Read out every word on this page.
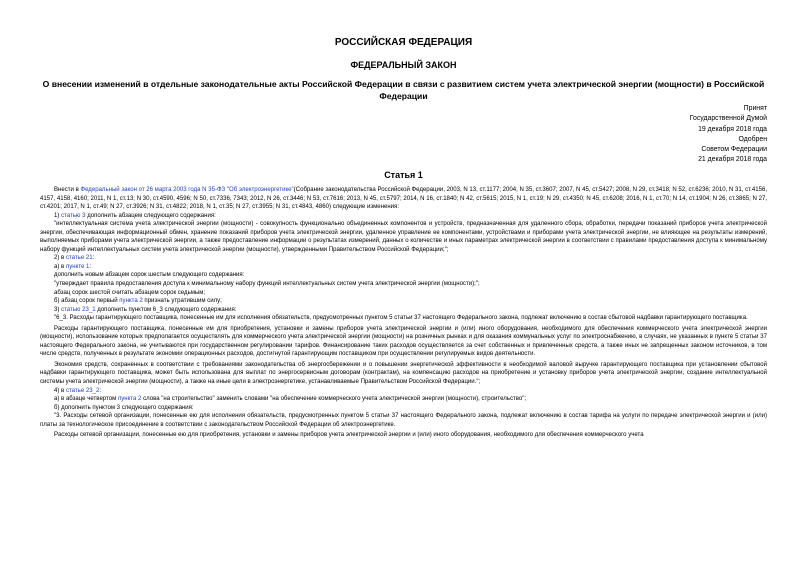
РОССИЙСКАЯ ФЕДЕРАЦИЯ
ФЕДЕРАЛЬНЫЙ ЗАКОН
О внесении изменений в отдельные законодательные акты Российской Федерации в связи с развитием систем учета электрической энергии (мощности) в Российской Федерации
Принят
Государственной Думой
19 декабря 2018 года
Одобрен
Советом Федерации
21 декабря 2018 года
Статья 1

Внести в Федеральный закон от 26 марта 2003 года N 35-ФЗ "Об электроэнергетике"(Собрание законодательства Российской Федерации, 2003, N 13, ст.1177; 2004, N 35, ст.3607; 2007, N 45, ст.5427; 2008, N 29, ст.3418; N 52, ст.6236; 2010, N 31, ст.4156, 4157, 4158, 4160; 2011, N 1, ст.13; N 30, ст.4590, 4596; N 50, ст.7336, 7343; 2012, N 26, ст.3446; N 53, ст.7616; 2013, N 45, ст.5797; 2014, N 16, ст.1840; N 42, ст.5615; 2015, N 1, ст.19; N 29, ст.4350; N 45, ст.6208; 2016, N 1, ст.70; N 14, ст.1904; N 26, ст.3865; N 27, ст.4201; 2017, N 1, ст.49; N 27, ст.3926; N 31, ст.4822; 2018, N 1, ст.35; N 27, ст.3955; N 31, ст.4843, 4860) следующие изменения:

1) статью 3 дополнить абзацем следующего содержания:

"интеллектуальная система учета электрической энергии (мощности) - совокупность функционально объединенных компонентов и устройств, предназначенная для удаленного сбора, обработки, передачи показаний приборов учета электрической энергии, обеспечивающая информационный обмен, хранение показаний приборов учета электрической энергии, удаленное управление ее компонентами, устройствами и приборами учета электрической энергии, не влияющее на результаты измерений, выполняемых приборами учета электрической энергии, а также предоставление информации о результатах измерений, данных о количестве и иных параметрах электрической энергии в соответствии с правилами предоставления доступа к минимальному набору функций интеллектуальных систем учета электрической энергии (мощности), утвержденными Правительством Российской Федерации;";

2) в статье 21:

а) в пункте 1:

дополнить новым абзацем сорок шестым следующего содержания:

"утверждает правила предоставления доступа к минимальному набору функций интеллектуальных систем учета электрической энергии (мощности);";

абзац сорок шестой считать абзацем сорок седьмым;

б) абзац сорок первый пункта 2 признать утратившим силу;

3) статью 23_1 дополнить пунктом 6_3 следующего содержания:

"6_3. Расходы гарантирующего поставщика, понесенные им для исполнения обязательств, предусмотренных пунктом 5 статьи 37 настоящего Федерального закона, подлежат включению в состав сбытовой надбавки гарантирующего поставщика.

Расходы гарантирующего поставщика, понесенные им для приобретения, установки и замены приборов учета электрической энергии и (или) иного оборудования, необходимого для обеспечения коммерческого учета электрической энергии (мощности), использование которых предполагается осуществлять для коммерческого учета электрической энергии (мощности) на розничных рынках и для оказания коммунальных услуг по электроснабжению, в случаях, не указанных в пункте 5 статьи 37 настоящего Федерального закона, не учитываются при государственном регулировании тарифов. Финансирование таких расходов осуществляется за счет собственных и привлеченных средств, а также иных не запрещенных законом источников, в том числе средств, полученных в результате экономии операционных расходов, достигнутой гарантирующим поставщиком при осуществлении регулируемых видов деятельности.

Экономия средств, сохраненных в соответствии с требованиями законодательства об энергосбережении и о повышении энергетической эффективности в необходимой валовой выручке гарантирующего поставщика при установлении сбытовой надбавки гарантирующего поставщика, может быть использована для выплат по энергосервисным договорам (контрактам), на компенсацию расходов на приобретение и установку приборов учета электрической энергии, создание интеллектуальной системы учета электрической энергии (мощности), а также на иные цели в электроэнергетике, устанавливаемые Правительством Российской Федерации.";

4) в статье 23_2:

а) в абзаце четвертом пункта 2 слова "на строительство" заменить словами "на обеспечение коммерческого учета электрической энергии (мощности), строительство";

б) дополнить пунктом 3 следующего содержания:

"3. Расходы сетевой организации, понесенные ею для исполнения обязательств, предусмотренных пунктом 5 статьи 37 настоящего Федерального закона, подлежат включению в состав тарифа на услуги по передаче электрической энергии и (или) платы за технологическое присоединение в соответствии с законодательством Российской Федерации об электроэнергетике.

Расходы сетевой организации, понесенные ею для приобретения, установки и замены приборов учета электрической энергии и (или) иного оборудования, необходимого для обеспечения коммерческого учета
